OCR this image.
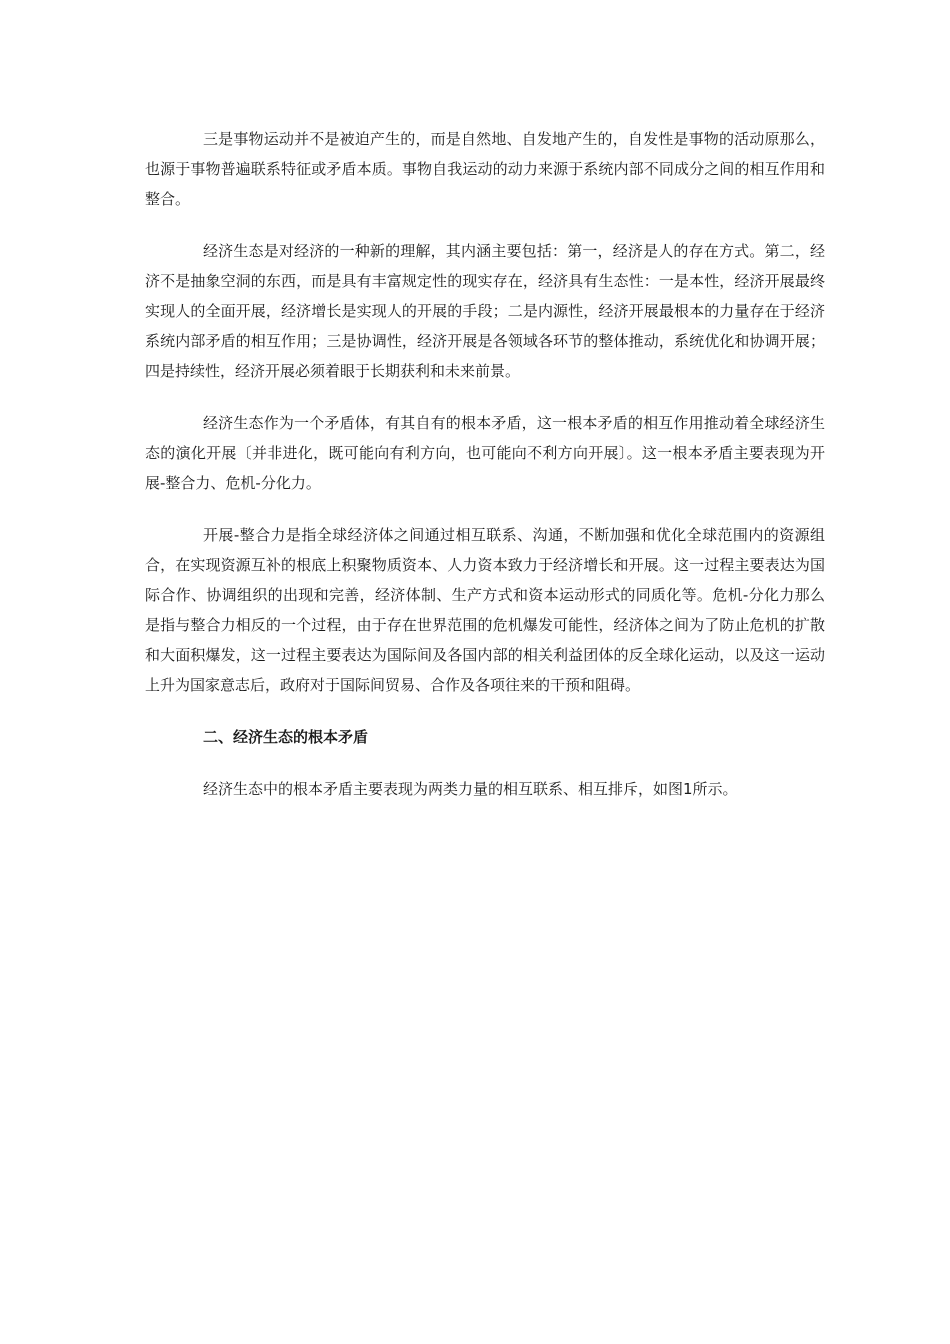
三是事物运动并不是被迫产生的，而是自然地、自发地产生的，自发性是事物的活动原那么，也源于事物普遍联系特征或矛盾本质。事物自我运动的动力来源于系统内部不同成分之间的相互作用和整合。

经济生态是对经济的一种新的理解，其内涵主要包括：第一，经济是人的存在方式。第二，经济不是抽象空洞的东西，而是具有丰富规定性的现实存在，经济具有生态性：一是本性，经济开展最终实现人的全面开展，经济增长是实现人的开展的手段；二是内源性，经济开展最根本的力量存在于经济系统内部矛盾的相互作用；三是协调性，经济开展是各领域各环节的整体推动，系统优化和协调开展；四是持续性，经济开展必须着眼于长期获利和未来前景。

经济生态作为一个矛盾体，有其自有的根本矛盾，这一根本矛盾的相互作用推动着全球经济生态的演化开展〔并非进化，既可能向有利方向，也可能向不利方向开展〕。这一根本矛盾主要表现为开展-整合力、危机-分化力。

开展-整合力是指全球经济体之间通过相互联系、沟通，不断加强和优化全球范围内的资源组合，在实现资源互补的根底上积聚物质资本、人力资本致力于经济增长和开展。这一过程主要表达为国际合作、协调组织的出现和完善，经济体制、生产方式和资本运动形式的同质化等。危机-分化力那么是指与整合力相反的一个过程，由于存在世界范围的危机爆发可能性，经济体之间为了防止危机的扩散和大面积爆发，这一过程主要表达为国际间及各国内部的相关利益团体的反全球化运动，以及这一运动上升为国家意志后，政府对于国际间贸易、合作及各项往来的干预和阻碍。

二、经济生态的根本矛盾

经济生态中的根本矛盾主要表现为两类力量的相互联系、相互排斥，如图1所示。
